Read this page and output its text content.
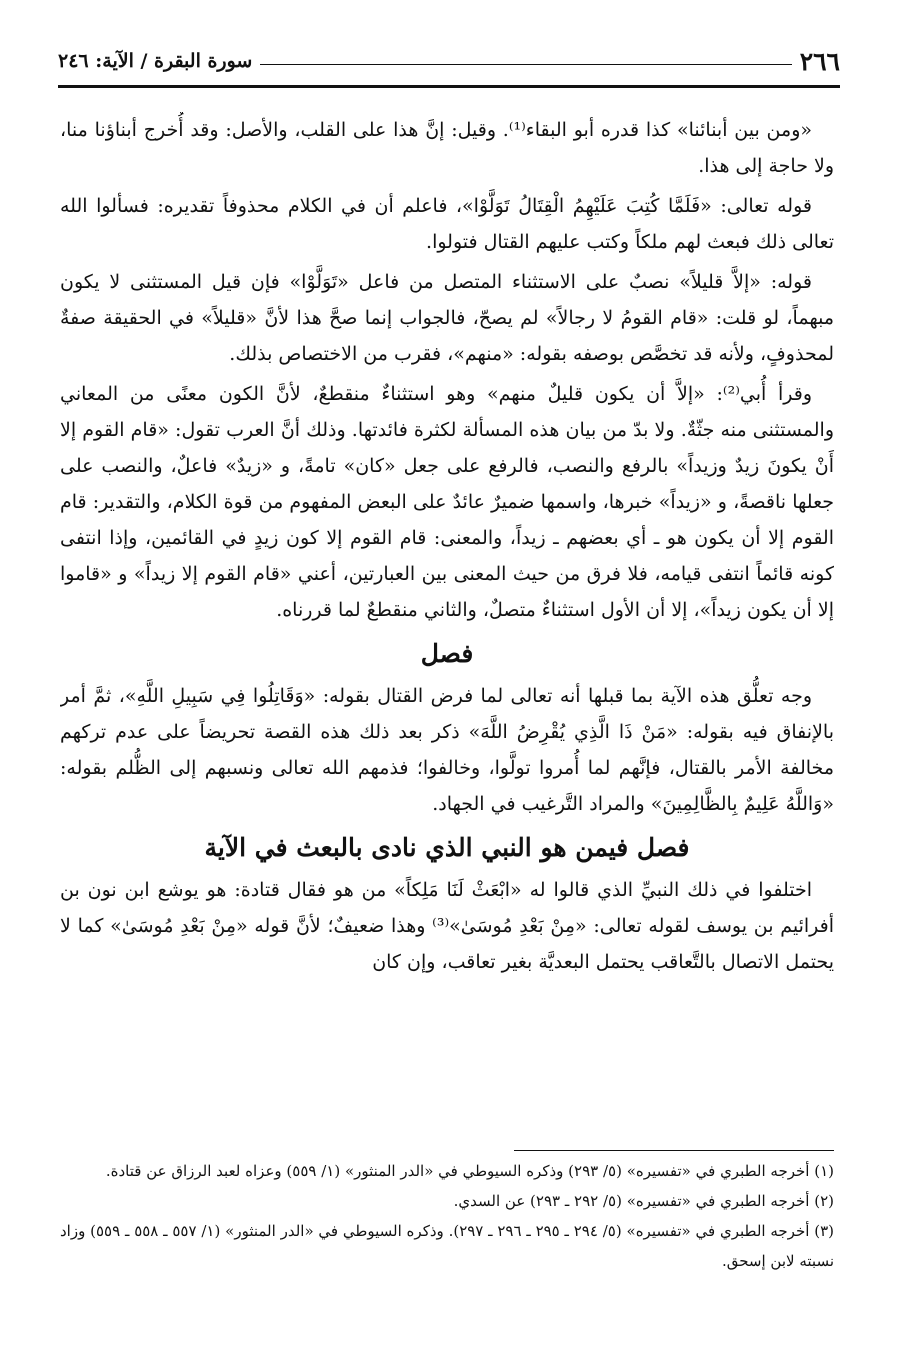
٢٦٦
سورة البقرة / الآية: ٢٤٦

«ومن بين أبنائنا» كذا قدره أبو البقاء⁽¹⁾. وقيل: إنَّ هذا على القلب، والأصل: وقد أُخرج أبناؤنا منا، ولا حاجة إلى هذا.

قوله تعالى: «فَلَمَّا كُتِبَ عَلَيْهِمُ الْقِتَالُ تَوَلَّوْا»، فاعلم أن في الكلام محذوفاً تقديره: فسألوا الله تعالى ذلك فبعث لهم ملكاً وكتب عليهم القتال فتولوا.

قوله: «إلاَّ قليلاً» نصبٌ على الاستثناء المتصل من فاعل «تَوَلَّوْا» فإن قيل المستثنى لا يكون مبهماً، لو قلت: «قام القومُ لا رجالاً» لم يصحّ، فالجواب إنما صحَّ هذا لأنَّ «قليلاً» في الحقيقة صفةٌ لمحذوفٍ، ولأنه قد تخصَّص بوصفه بقوله: «منهم»، فقرب من الاختصاص بذلك.

وقرأ أُبي⁽²⁾: «إلاَّ أن يكون قليلٌ منهم» وهو استثناءٌ منقطعٌ، لأنَّ الكون معنًى من المعاني والمستثنى منه جثّةٌ. ولا بدّ من بيان هذه المسألة لكثرة فائدتها. وذلك أنَّ العرب تقول: «قام القوم إلا أَنْ يكونَ زيدٌ وزيداً» بالرفع والنصب، فالرفع على جعل «كان» تامةً، و «زيدٌ» فاعلٌ، والنصب على جعلها ناقصةً، و «زيداً» خبرها، واسمها ضميرٌ عائدٌ على البعض المفهوم من قوة الكلام، والتقدير: قام القوم إلا أن يكون هو ـ أي بعضهم ـ زيداً، والمعنى: قام القوم إلا كون زيدٍ في القائمين، وإذا انتفى كونه قائماً انتفى قيامه، فلا فرق من حيث المعنى بين العبارتين، أعني «قام القوم إلا زيداً» و «قاموا إلا أن يكون زيداً»، إلا أن الأول استثناءٌ متصلٌ، والثاني منقطعٌ لما قررناه.

فصل

وجه تعلُّق هذه الآية بما قبلها أنه تعالى لما فرض القتال بقوله: «وَقَاتِلُوا فِي سَبِيلِ اللَّهِ»، ثمَّ أمر بالإنفاق فيه بقوله: «مَنْ ذَا الَّذِي يُقْرِضُ اللَّهَ» ذكر بعد ذلك هذه القصة تحريضاً على عدم تركهم مخالفة الأمر بالقتال، فإنَّهم لما أُمروا تولَّوا، وخالفوا؛ فذمهم الله تعالى ونسبهم إلى الظُّلم بقوله: «وَاللَّهُ عَلِيمٌ بِالظَّالِمِينَ» والمراد التَّرغيب في الجهاد.

فصل فيمن هو النبي الذي نادى بالبعث في الآية

اختلفوا في ذلك النبيِّ الذي قالوا له «ابْعَثْ لَنَا مَلِكاً» من هو فقال قتادة: هو يوشع ابن نون بن أفرائيم بن يوسف لقوله تعالى: «مِنْ بَعْدِ مُوسَىٰ»⁽³⁾ وهذا ضعيفٌ؛ لأنَّ قوله «مِنْ بَعْدِ مُوسَىٰ» كما لا يحتمل الاتصال بالتَّعاقب يحتمل البعديَّة بغير تعاقب، وإن كان

(١) أخرجه الطبري في «تفسيره» (٥/ ٢٩٣) وذكره السيوطي في «الدر المنثور» (١/ ٥٥٩) وعزاه لعبد الرزاق عن قتادة.

(٢) أخرجه الطبري في «تفسيره» (٥/ ٢٩٢ ـ ٢٩٣) عن السدي.

(٣) أخرجه الطبري في «تفسيره» (٥/ ٢٩٤ ـ ٢٩٥ ـ ٢٩٦ ـ ٢٩٧). وذكره السيوطي في «الدر المنثور» (١/ ٥٥٧ ـ ٥٥٨ ـ ٥٥٩) وزاد نسبته لابن إسحق.
